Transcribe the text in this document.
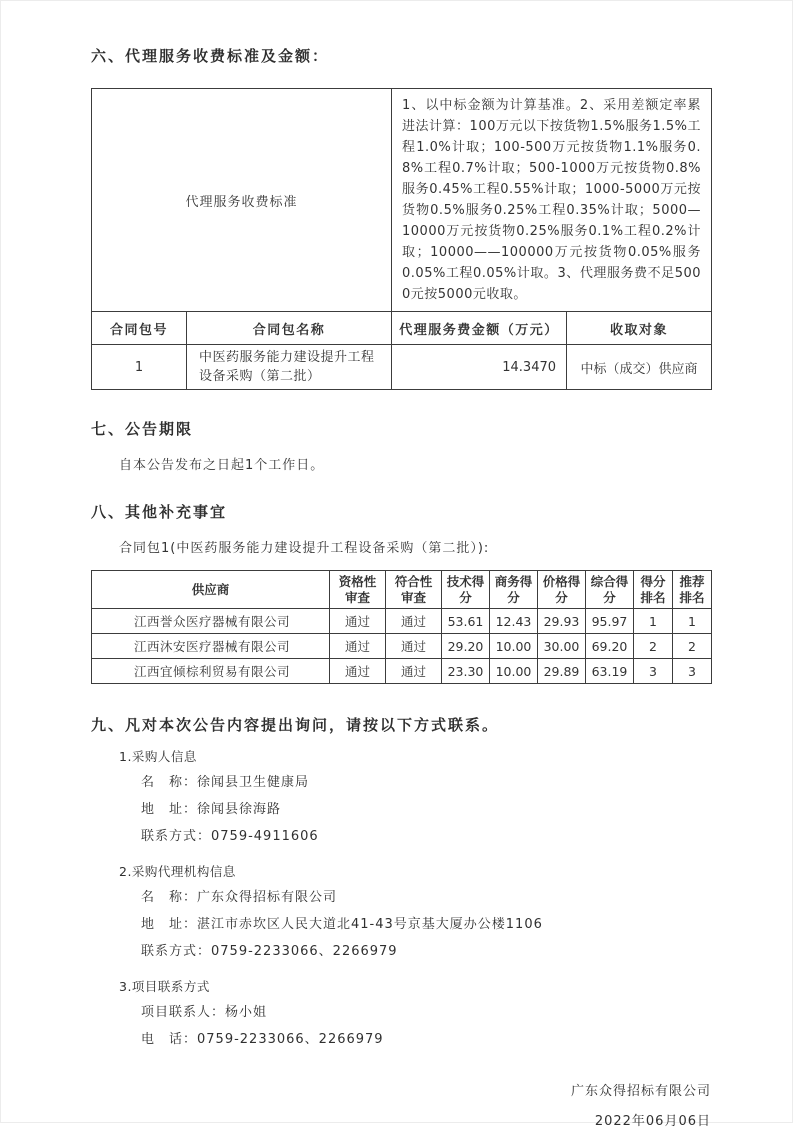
六、代理服务收费标准及金额：
代理服务收费标准		1、以中标金额为计算基准。2、采用差额定率累进法计算：100万元以下按货物1.5%服务1.5%工程1.0%计取；100-500万元按货物1.1%服务0.8%工程0.7%计取；500-1000万元按货物0.8%服务0.45%工程0.55%计取；1000-5000万元按货物0.5%服务0.25%工程0.35%计取；5000—10000万元按货物0.25%服务0.1%工程0.2%计取；10000——100000万元按货物0.05%服务0.05%工程0.05%计取。3、代理服务费不足5000元按5000元收取。	
合同包号	合同包名称	代理服务费金额（万元）	收取对象
1	中医药服务能力建设提升工程设备采购（第二批）	14.3470	中标（成交）供应商
七、公告期限
自本公告发布之日起1个工作日。
八、其他补充事宜
合同包1(中医药服务能力建设提升工程设备采购（第二批）):
供应商	资格性审查	符合性审查	技术得分	商务得分	价格得分	综合得分	得分排名	推荐排名
江西誉众医疗器械有限公司	通过	通过	53.61	12.43	29.93	95.97	1	1
江西沐安医疗器械有限公司	通过	通过	29.20	10.00	30.00	69.20	2	2
江西宜倾棕利贸易有限公司	通过	通过	23.30	10.00	29.89	63.19	3	3
九、凡对本次公告内容提出询问，请按以下方式联系。
1.采购人信息
名　称：徐闻县卫生健康局
地　址：徐闻县徐海路
联系方式：0759-4911606
2.采购代理机构信息
名　称：广东众得招标有限公司
地　址：湛江市赤坎区人民大道北41-43号京基大厦办公楼1106
联系方式：0759-2233066、2266979
3.项目联系方式
项目联系人：杨小姐
电　话：0759-2233066、2266979
广东众得招标有限公司
2022年06月06日
